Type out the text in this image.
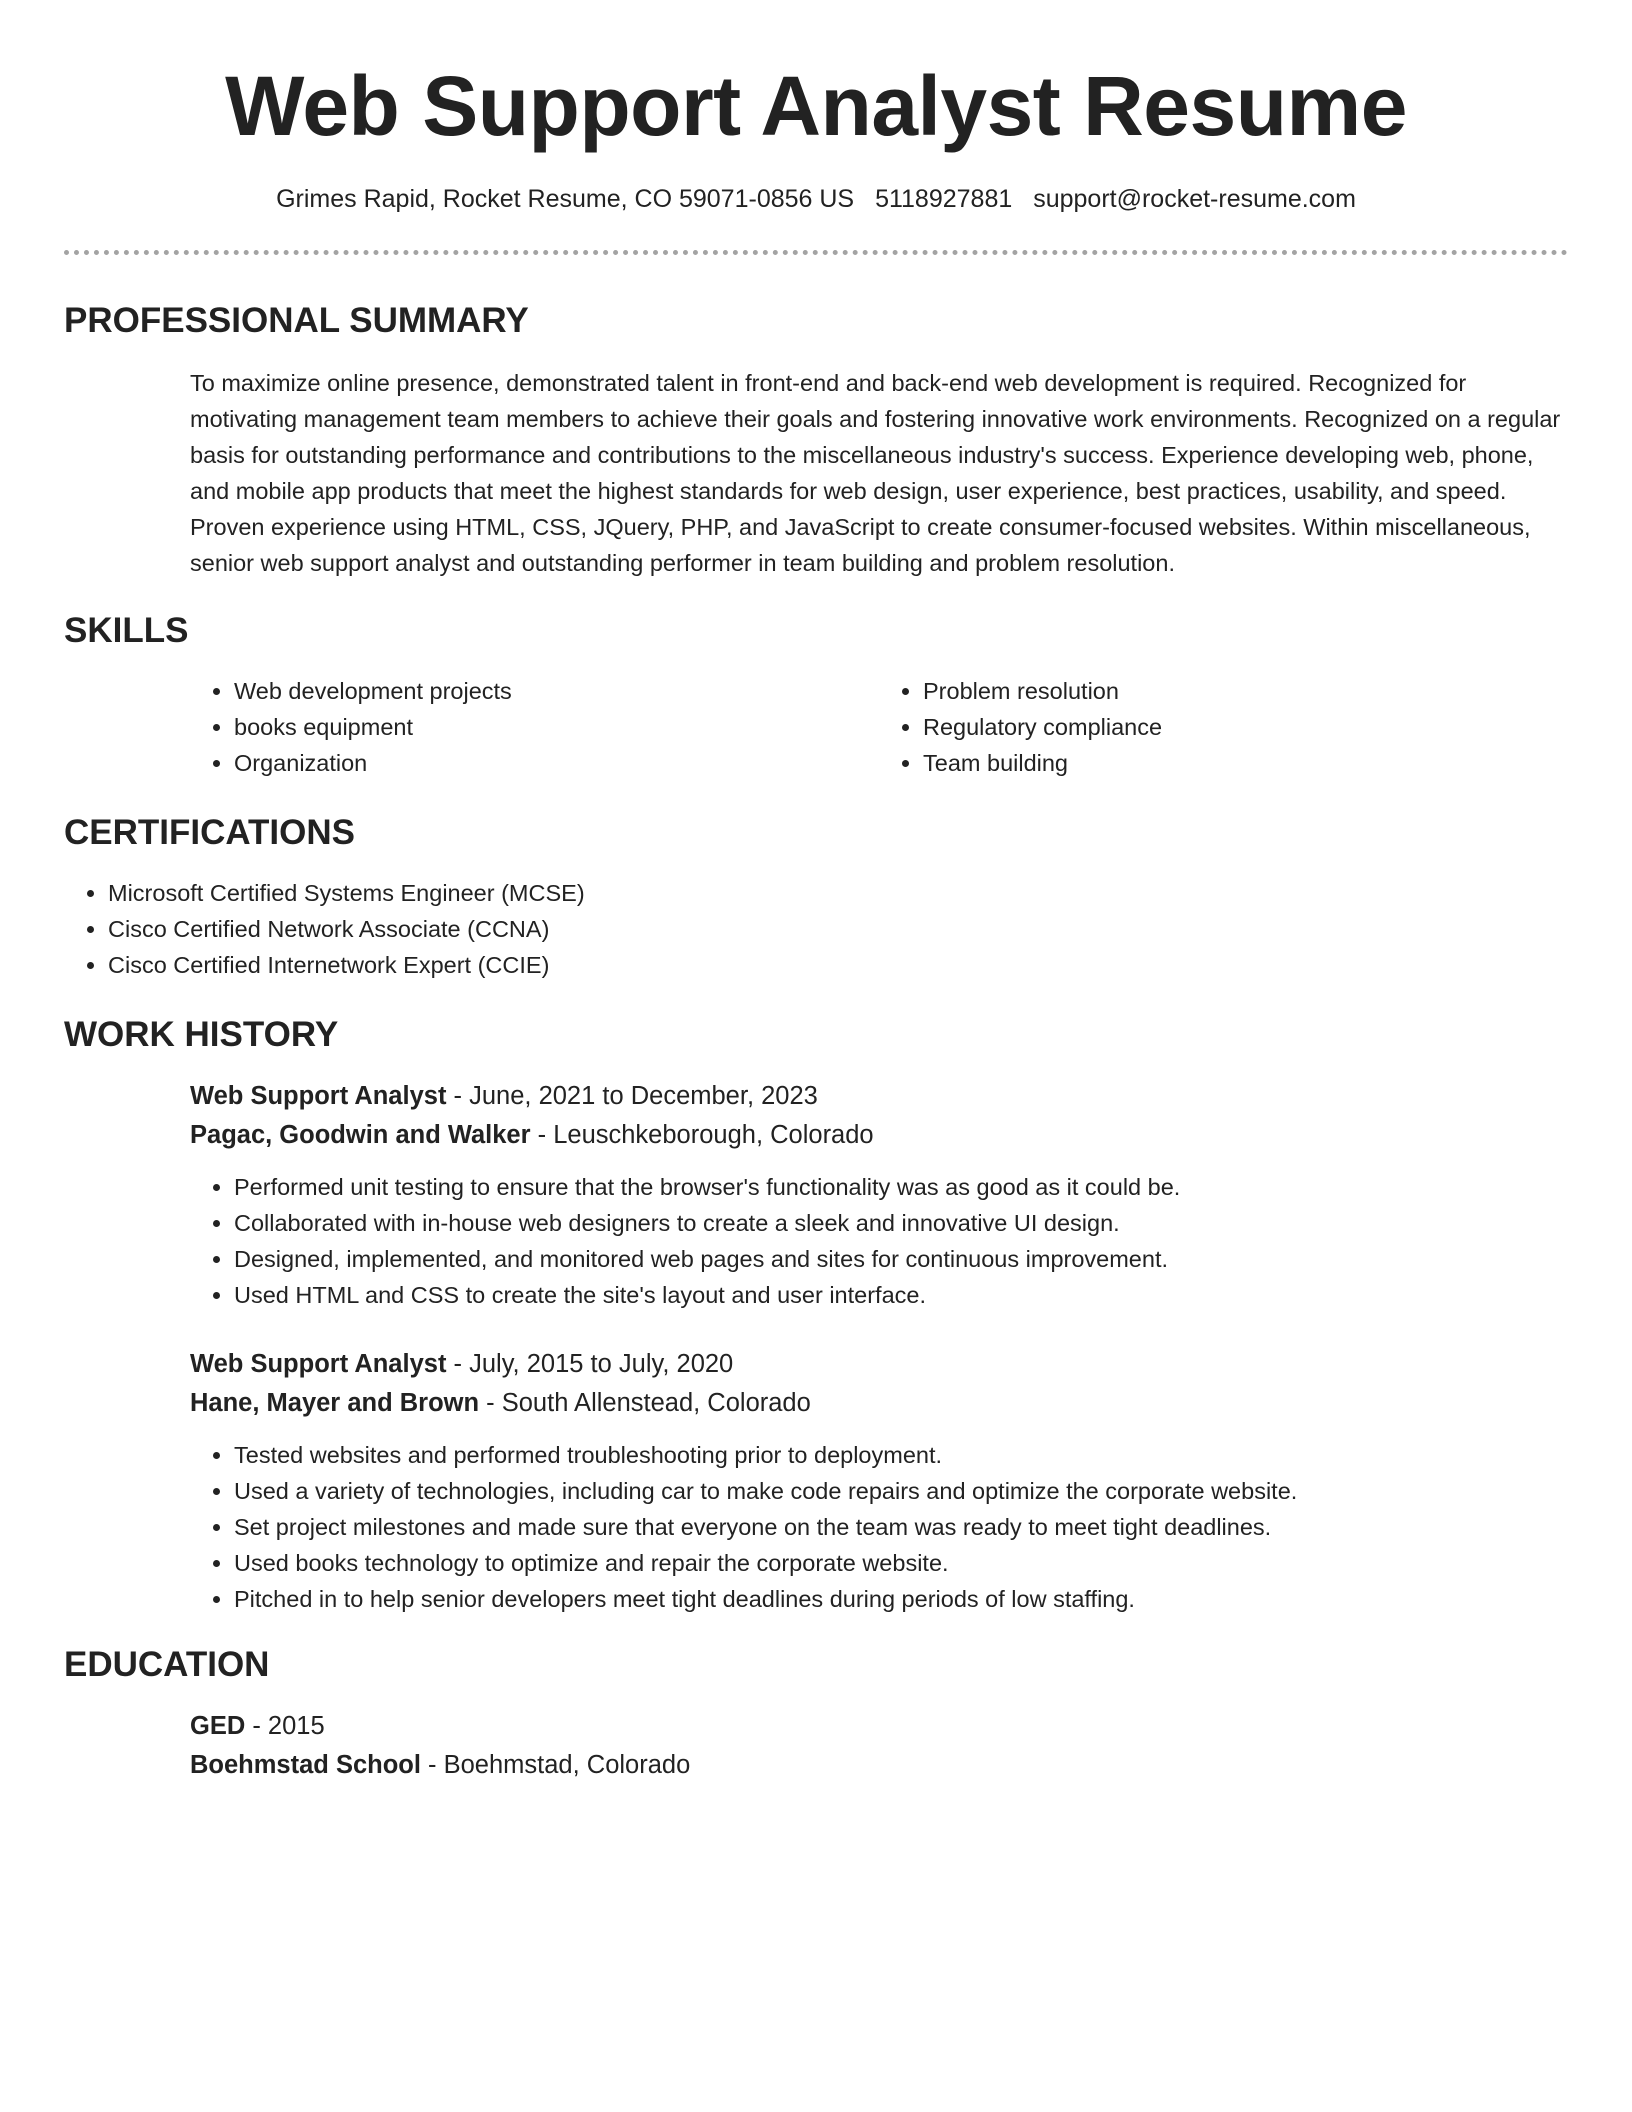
Web Support Analyst Resume
Grimes Rapid, Rocket Resume, CO 59071-0856 US 5118927881 support@rocket-resume.com
PROFESSIONAL SUMMARY

To maximize online presence, demonstrated talent in front-end and back-end web development is required. Recognized for motivating management team members to achieve their goals and fostering innovative work environments. Recognized on a regular basis for outstanding performance and contributions to the miscellaneous industry's success. Experience developing web, phone, and mobile app products that meet the highest standards for web design, user experience, best practices, usability, and speed. Proven experience using HTML, CSS, JQuery, PHP, and JavaScript to create consumer-focused websites. Within miscellaneous, senior web support analyst and outstanding performer in team building and problem resolution.

SKILLS
• Web development projects
• books equipment
• Organization
• Problem resolution
• Regulatory compliance
• Team building
CERTIFICATIONS
• Microsoft Certified Systems Engineer (MCSE)
• Cisco Certified Network Associate (CCNA)
• Cisco Certified Internetwork Expert (CCIE)
WORK HISTORY
Web Support Analyst - June, 2021 to December, 2023
Pagac, Goodwin and Walker - Leuschkeborough, Colorado
• Performed unit testing to ensure that the browser's functionality was as good as it could be.
• Collaborated with in-house web designers to create a sleek and innovative UI design.
• Designed, implemented, and monitored web pages and sites for continuous improvement.
• Used HTML and CSS to create the site's layout and user interface.
Web Support Analyst - July, 2015 to July, 2020
Hane, Mayer and Brown - South Allenstead, Colorado
• Tested websites and performed troubleshooting prior to deployment.
• Used a variety of technologies, including car to make code repairs and optimize the corporate website.
• Set project milestones and made sure that everyone on the team was ready to meet tight deadlines.
• Used books technology to optimize and repair the corporate website.
• Pitched in to help senior developers meet tight deadlines during periods of low staffing.
EDUCATION
GED - 2015
Boehmstad School - Boehmstad, Colorado
